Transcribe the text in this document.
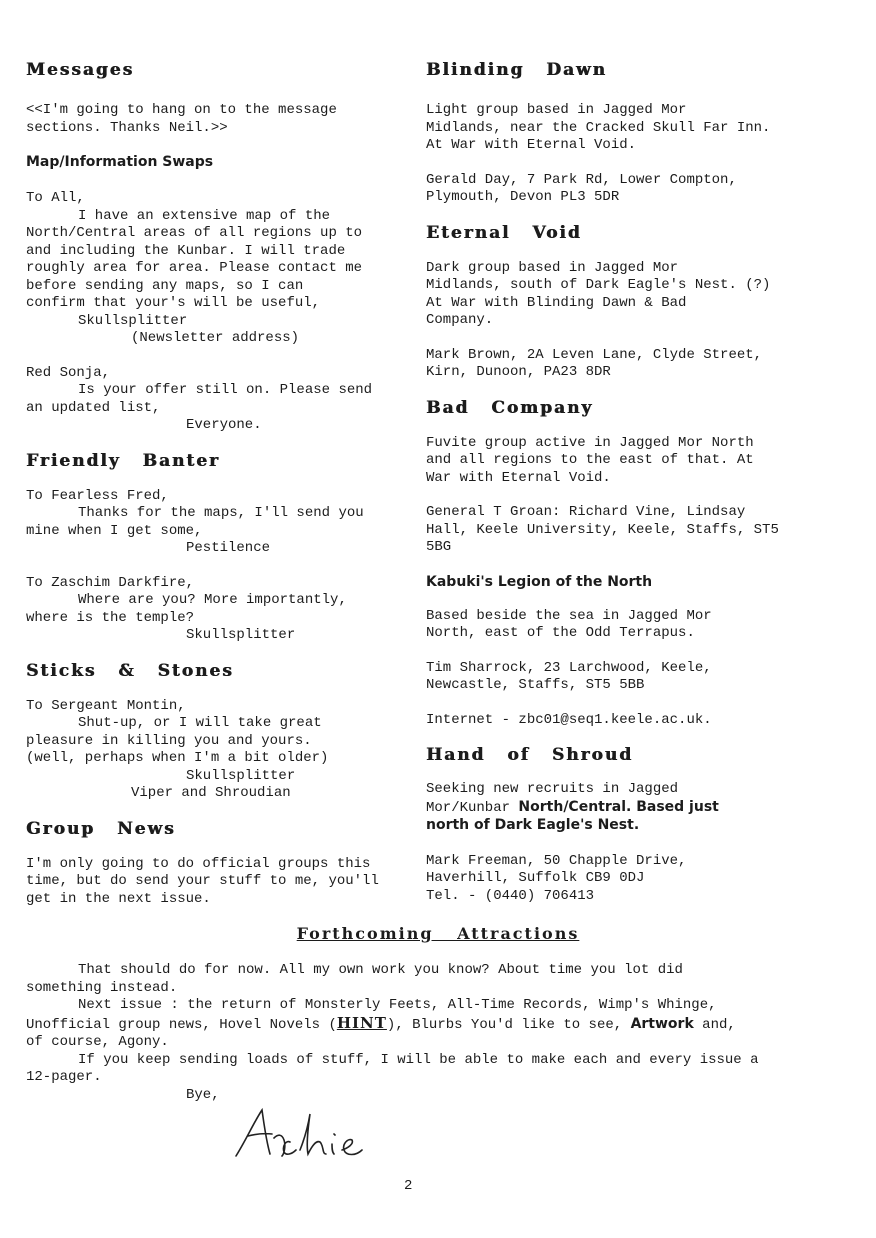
Messages

<<I'm going to hang on to the message
sections. Thanks Neil.>>

Map/Information Swaps

To All,

I have an extensive map of the
North/Central areas of all regions up to
and including the Kunbar. I will trade
roughly area for area. Please contact me
before sending any maps, so I can
confirm that your's will be useful,

Skullsplitter
(Newsletter address)

Red Sonja,

Is your offer still on. Please send
an updated list,

Everyone.
Friendly Banter

To Fearless Fred,

Thanks for the maps, I'll send you
mine when I get some,

Pestilence

To Zaschim Darkfire,

Where are you? More importantly,
where is the temple?

Skullsplitter
Sticks & Stones

To Sergeant Montin,

Shut-up, or I will take great
pleasure in killing you and yours.
(well, perhaps when I'm a bit older)

Skullsplitter
Viper and Shroudian
Group News

I'm only going to do official groups this
time, but do send your stuff to me, you'll
get in the next issue.

Blinding Dawn

Light group based in Jagged Mor
Midlands, near the Cracked Skull Far Inn.
At War with Eternal Void.

Gerald Day, 7 Park Rd, Lower Compton,
Plymouth, Devon PL3 5DR

Eternal Void

Dark group based in Jagged Mor
Midlands, south of Dark Eagle's Nest. (?)
At War with Blinding Dawn & Bad
Company.

Mark Brown, 2A Leven Lane, Clyde Street,
Kirn, Dunoon, PA23 8DR

Bad Company

Fuvite group active in Jagged Mor North
and all regions to the east of that. At
War with Eternal Void.

General T Groan: Richard Vine, Lindsay
Hall, Keele University, Keele, Staffs, ST5
5BG

Kabuki's Legion of the North

Based beside the sea in Jagged Mor
North, east of the Odd Terrapus.

Tim Sharrock, 23 Larchwood, Keele,
Newcastle, Staffs, ST5 5BB

Internet - zbc01@seq1.keele.ac.uk.

Hand of Shroud

Seeking new recruits in Jagged
Mor/Kunbar North/Central. Based just
north of Dark Eagle's Nest.

Mark Freeman, 50 Chapple Drive,
Haverhill, Suffolk CB9 0DJ
Tel. - (0440) 706413

Forthcoming Attractions

That should do for now. All my own work you know? About time you lot did
something instead.

Next issue : the return of Monsterly Feets, All-Time Records, Wimp's Whinge,
Unofficial group news, Hovel Novels (HINT), Blurbs You'd like to see, Artwork and,
of course, Agony.

If you keep sending loads of stuff, I will be able to make each and every issue a
12-pager.

Bye,
2
